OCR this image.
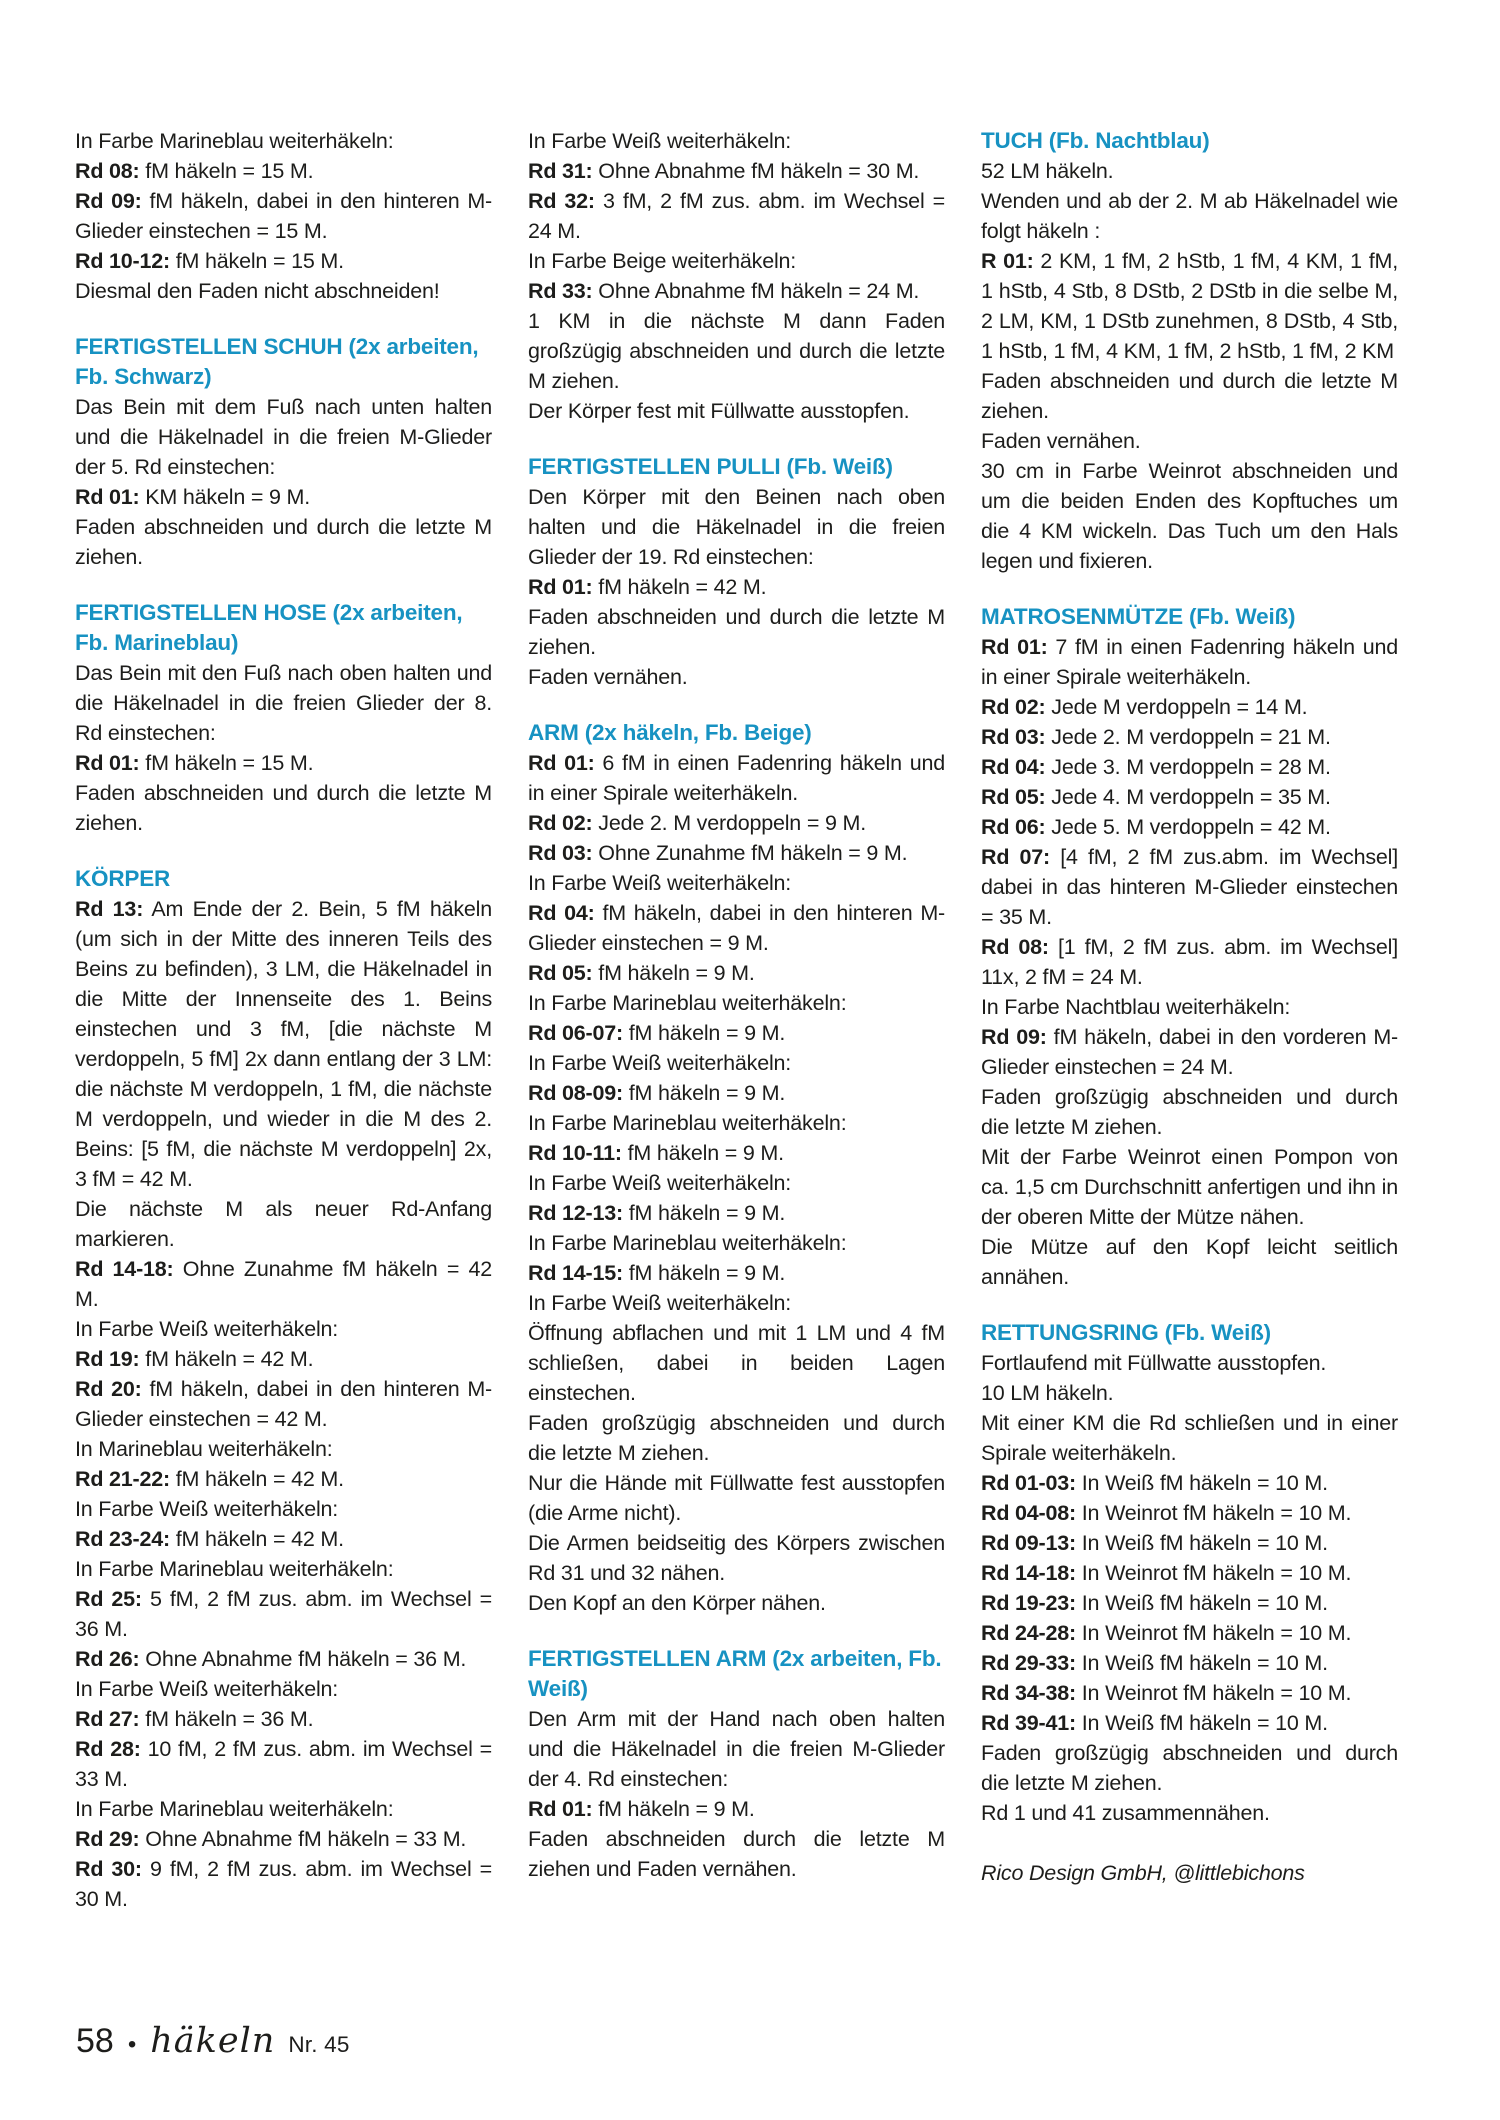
In Farbe Marineblau weiterhäkeln:

Rd 08: fM häkeln = 15 M.

Rd 09: fM häkeln, dabei in den hinteren M-Glieder einstechen = 15 M.

Rd 10-12: fM häkeln = 15 M.

Diesmal den Faden nicht abschneiden!

FERTIGSTELLEN SCHUH (2x arbeiten, Fb. Schwarz)

Das Bein mit dem Fuß nach unten halten und die Häkelnadel in die freien M-Glieder der 5. Rd einstechen:

Rd 01: KM häkeln = 9 M.

Faden abschneiden und durch die letzte M ziehen.

FERTIGSTELLEN HOSE (2x arbeiten, Fb. Marineblau)

Das Bein mit den Fuß nach oben halten und die Häkelnadel in die freien Glieder der 8. Rd einstechen:

Rd 01: fM häkeln = 15 M.

Faden abschneiden und durch die letzte M ziehen.

KÖRPER

Rd 13: Am Ende der 2. Bein, 5 fM häkeln (um sich in der Mitte des inneren Teils des Beins zu befinden), 3 LM, die Häkelnadel in die Mitte der Innenseite des 1. Beins einstechen und 3 fM, [die nächste M verdoppeln, 5 fM] 2x dann entlang der 3 LM: die nächste M verdoppeln, 1 fM, die nächste M verdoppeln, und wieder in die M des 2. Beins: [5 fM, die nächste M verdoppeln] 2x, 3 fM = 42 M.

Die nächste M als neuer Rd-Anfang markieren.

Rd 14-18: Ohne Zunahme fM häkeln = 42 M.

In Farbe Weiß weiterhäkeln:

Rd 19: fM häkeln = 42 M.

Rd 20: fM häkeln, dabei in den hinteren M-Glieder einstechen = 42 M.

In Marineblau weiterhäkeln:

Rd 21-22: fM häkeln = 42 M.

In Farbe Weiß weiterhäkeln:

Rd 23-24: fM häkeln = 42 M.

In Farbe Marineblau weiterhäkeln:

Rd 25: 5 fM, 2 fM zus. abm. im Wechsel = 36 M.

Rd 26: Ohne Abnahme fM häkeln = 36 M.

In Farbe Weiß weiterhäkeln:

Rd 27: fM häkeln = 36 M.

Rd 28: 10 fM, 2 fM zus. abm. im Wechsel = 33 M.

In Farbe Marineblau weiterhäkeln:

Rd 29: Ohne Abnahme fM häkeln = 33 M.

Rd 30: 9 fM, 2 fM zus. abm. im Wechsel = 30 M.

In Farbe Weiß weiterhäkeln:

Rd 31: Ohne Abnahme fM häkeln = 30 M.

Rd 32: 3 fM, 2 fM zus. abm. im Wechsel = 24 M.

In Farbe Beige weiterhäkeln:

Rd 33: Ohne Abnahme fM häkeln = 24 M.

1 KM in die nächste M dann Faden großzügig abschneiden und durch die letzte M ziehen.

Der Körper fest mit Füllwatte ausstopfen.

FERTIGSTELLEN PULLI (Fb. Weiß)

Den Körper mit den Beinen nach oben halten und die Häkelnadel in die freien Glieder der 19. Rd einstechen:

Rd 01: fM häkeln = 42 M.

Faden abschneiden und durch die letzte M ziehen.

Faden vernähen.

ARM (2x häkeln, Fb. Beige)

Rd 01: 6 fM in einen Fadenring häkeln und in einer Spirale weiterhäkeln.

Rd 02: Jede 2. M verdoppeln = 9 M.

Rd 03: Ohne Zunahme fM häkeln = 9 M.

In Farbe Weiß weiterhäkeln:

Rd 04: fM häkeln, dabei in den hinteren M-Glieder einstechen = 9 M.

Rd 05: fM häkeln = 9 M.

In Farbe Marineblau weiterhäkeln:

Rd 06-07: fM häkeln = 9 M.

In Farbe Weiß weiterhäkeln:

Rd 08-09: fM häkeln = 9 M.

In Farbe Marineblau weiterhäkeln:

Rd 10-11: fM häkeln = 9 M.

In Farbe Weiß weiterhäkeln:

Rd 12-13: fM häkeln = 9 M.

In Farbe Marineblau weiterhäkeln:

Rd 14-15: fM häkeln = 9 M.

In Farbe Weiß weiterhäkeln:

Öffnung abflachen und mit 1 LM und 4 fM schließen, dabei in beiden Lagen einstechen.

Faden großzügig abschneiden und durch die letzte M ziehen.

Nur die Hände mit Füllwatte fest ausstopfen (die Arme nicht).

Die Armen beidseitig des Körpers zwischen Rd 31 und 32 nähen.

Den Kopf an den Körper nähen.

FERTIGSTELLEN ARM (2x arbeiten, Fb. Weiß)

Den Arm mit der Hand nach oben halten und die Häkelnadel in die freien M-Glieder der 4. Rd einstechen:

Rd 01: fM häkeln = 9 M.

Faden abschneiden durch die letzte M ziehen und Faden vernähen.

TUCH (Fb. Nachtblau)

52 LM häkeln.

Wenden und ab der 2. M ab Häkelnadel wie folgt häkeln :

R 01: 2 KM, 1 fM, 2 hStb, 1 fM, 4 KM, 1 fM, 1 hStb, 4 Stb, 8 DStb, 2 DStb in die selbe M, 2 LM, KM, 1 DStb zunehmen, 8 DStb, 4 Stb, 1 hStb, 1 fM, 4 KM, 1 fM, 2 hStb, 1 fM, 2 KM

Faden abschneiden und durch die letzte M ziehen.

Faden vernähen.

30 cm in Farbe Weinrot abschneiden und um die beiden Enden des Kopftuches um die 4 KM wickeln. Das Tuch um den Hals legen und fixieren.

MATROSENMÜTZE (Fb. Weiß)

Rd 01: 7 fM in einen Fadenring häkeln und in einer Spirale weiterhäkeln.

Rd 02: Jede M verdoppeln = 14 M.

Rd 03: Jede 2. M verdoppeln = 21 M.

Rd 04: Jede 3. M verdoppeln = 28 M.

Rd 05: Jede 4. M verdoppeln = 35 M.

Rd 06: Jede 5. M verdoppeln = 42 M.

Rd 07: [4 fM, 2 fM zus.abm. im Wechsel] dabei in das hinteren M-Glieder einstechen = 35 M.

Rd 08: [1 fM, 2 fM zus. abm. im Wechsel] 11x, 2 fM = 24 M.

In Farbe Nachtblau weiterhäkeln:

Rd 09: fM häkeln, dabei in den vorderen M-Glieder einstechen = 24 M.

Faden großzügig abschneiden und durch die letzte M ziehen.

Mit der Farbe Weinrot einen Pompon von ca. 1,5 cm Durchschnitt anfertigen und ihn in der oberen Mitte der Mütze nähen.

Die Mütze auf den Kopf leicht seitlich annähen.

RETTUNGSRING (Fb. Weiß)

Fortlaufend mit Füllwatte ausstopfen.

10 LM häkeln.

Mit einer KM die Rd schließen und in einer Spirale weiterhäkeln.

Rd 01-03: In Weiß fM häkeln = 10 M.

Rd 04-08: In Weinrot fM häkeln = 10 M.

Rd 09-13: In Weiß fM häkeln = 10 M.

Rd 14-18: In Weinrot fM häkeln = 10 M.

Rd 19-23: In Weiß fM häkeln = 10 M.

Rd 24-28: In Weinrot fM häkeln = 10 M.

Rd 29-33: In Weiß fM häkeln = 10 M.

Rd 34-38: In Weinrot fM häkeln = 10 M.

Rd 39-41: In Weiß fM häkeln = 10 M.

Faden großzügig abschneiden und durch die letzte M ziehen.

Rd 1 und 41 zusammennähen.

Rico Design GmbH, @littlebichons

58 • häkeln Nr. 45
